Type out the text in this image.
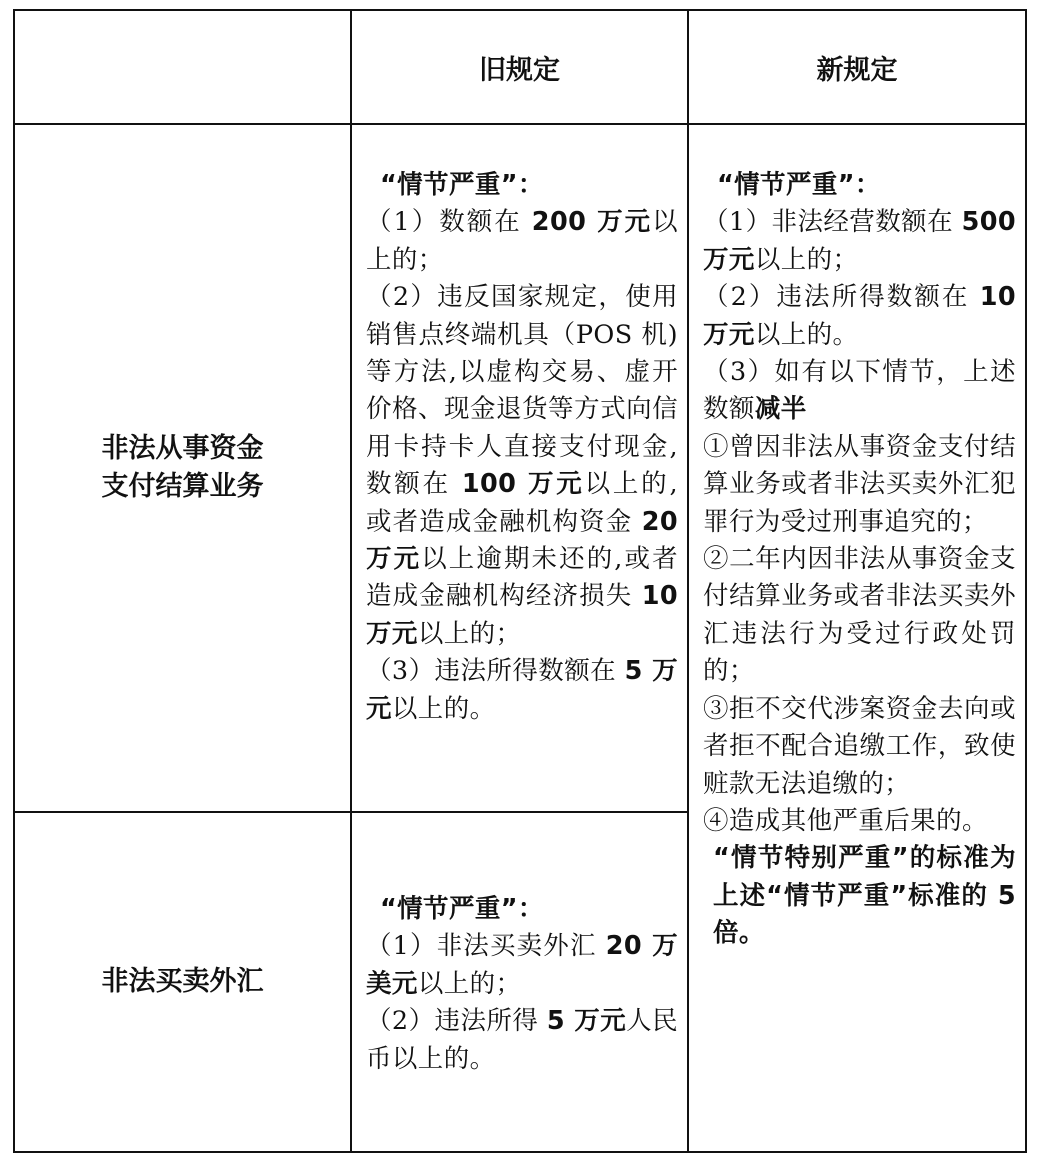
旧规定	新规定
非法从事资金
支付结算业务
非法买卖外汇

“情节严重”：

（1）数额在 200 万元以上的；

（2）违反国家规定，使用销售点终端机具（POS 机)等方法,以虚构交易、虚开价格、现金退货等方式向信用卡持卡人直接支付现金,数额在 100 万元以上的,或者造成金融机构资金 20 万元以上逾期未还的,或者造成金融机构经济损失 10 万元以上的；

（3）违法所得数额在 5 万元以上的。

“情节严重”：

（1）非法买卖外汇 20 万美元以上的；

（2）违法所得 5 万元人民币以上的。

“情节严重”：

（1）非法经营数额在 500 万元以上的；

（2）违法所得数额在 10 万元以上的。

（3）如有以下情节，上述数额减半

①曾因非法从事资金支付结算业务或者非法买卖外汇犯罪行为受过刑事追究的；

②二年内因非法从事资金支付结算业务或者非法买卖外汇违法行为受过行政处罚的；

③拒不交代涉案资金去向或者拒不配合追缴工作，致使赃款无法追缴的；

④造成其他严重后果的。

“情节特别严重”的标准为上述“情节严重”标准的 5 倍。
